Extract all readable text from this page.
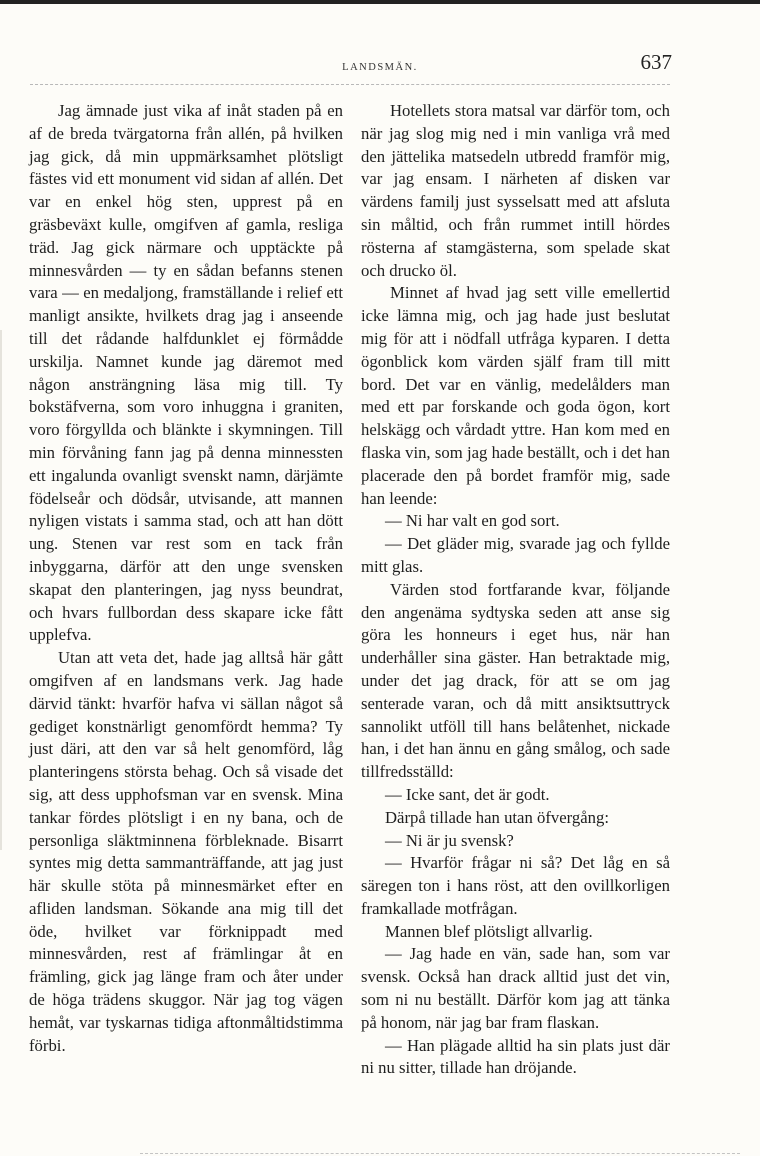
LANDSMÄN.	637

Jag ämnade just vika af inåt staden på en af de breda tvärgatorna från allén, på hvilken jag gick, då min uppmärksamhet plötsligt fästes vid ett monument vid sidan af allén. Det var en enkel hög sten, upprest på en gräsbeväxt kulle, omgifven af gamla, resliga träd. Jag gick närmare och upptäckte på minnesvården — ty en sådan befanns stenen vara — en medaljong, framställande i relief ett manligt ansikte, hvilkets drag jag i anseende till det rådande halfdunklet ej förmådde urskilja. Namnet kunde jag däremot med någon ansträngning läsa mig till. Ty bokstäfverna, som voro inhuggna i graniten, voro förgyllda och blänkte i skymningen. Till min förvåning fann jag på denna minnessten ett ingalunda ovanligt svenskt namn, därjämte födelseår och dödsår, utvisande, att mannen nyligen vistats i samma stad, och att han dött ung. Stenen var rest som en tack från inbyggarna, därför att den unge svensken skapat den planteringen, jag nyss beundrat, och hvars fullbordan dess skapare icke fått upplefva.

Utan att veta det, hade jag alltså här gått omgifven af en landsmans verk. Jag hade därvid tänkt: hvarför hafva vi sällan något så gediget konstnärligt genomfördt hemma? Ty just däri, att den var så helt genomförd, låg planteringens största behag. Och så visade det sig, att dess upphofsman var en svensk. Mina tankar fördes plötsligt i en ny bana, och de personliga släktminnena förbleknade. Bisarrt syntes mig detta sammanträffande, att jag just här skulle stöta på minnesmärket efter en afliden landsman. Sökande ana mig till det öde, hvilket var förknippadt med minnesvården, rest af främlingar åt en främling, gick jag länge fram och åter under de höga trädens skuggor. När jag tog vägen hemåt, var tyskarnas tidiga aftonmåltidstimma förbi.

Hotellets stora matsal var därför tom, och när jag slog mig ned i min vanliga vrå med den jättelika matsedeln utbredd framför mig, var jag ensam. I närheten af disken var värdens familj just sysselsatt med att afsluta sin måltid, och från rummet intill hördes rösterna af stamgästerna, som spelade skat och drucko öl.

Minnet af hvad jag sett ville emellertid icke lämna mig, och jag hade just beslutat mig för att i nödfall utfråga kyparen. I detta ögonblick kom värden själf fram till mitt bord. Det var en vänlig, medelålders man med ett par forskande och goda ögon, kort helskägg och vårdadt yttre. Han kom med en flaska vin, som jag hade beställt, och i det han placerade den på bordet framför mig, sade han leende:

— Ni har valt en god sort.

— Det gläder mig, svarade jag och fyllde mitt glas.

Värden stod fortfarande kvar, följande den angenäma sydtyska seden att anse sig göra les honneurs i eget hus, när han underhåller sina gäster. Han betraktade mig, under det jag drack, för att se om jag senterade varan, och då mitt ansiktsuttryck sannolikt utföll till hans belåtenhet, nickade han, i det han ännu en gång smålog, och sade tillfredsställd:

— Icke sant, det är godt.

Därpå tillade han utan öfvergång:

— Ni är ju svensk?

— Hvarför frågar ni så? Det låg en så säregen ton i hans röst, att den ovillkorligen framkallade motfrågan.

Mannen blef plötsligt allvarlig.

— Jag hade en vän, sade han, som var svensk. Också han drack alltid just det vin, som ni nu beställt. Därför kom jag att tänka på honom, när jag bar fram flaskan.

— Han plägade alltid ha sin plats just där ni nu sitter, tillade han dröjande.
